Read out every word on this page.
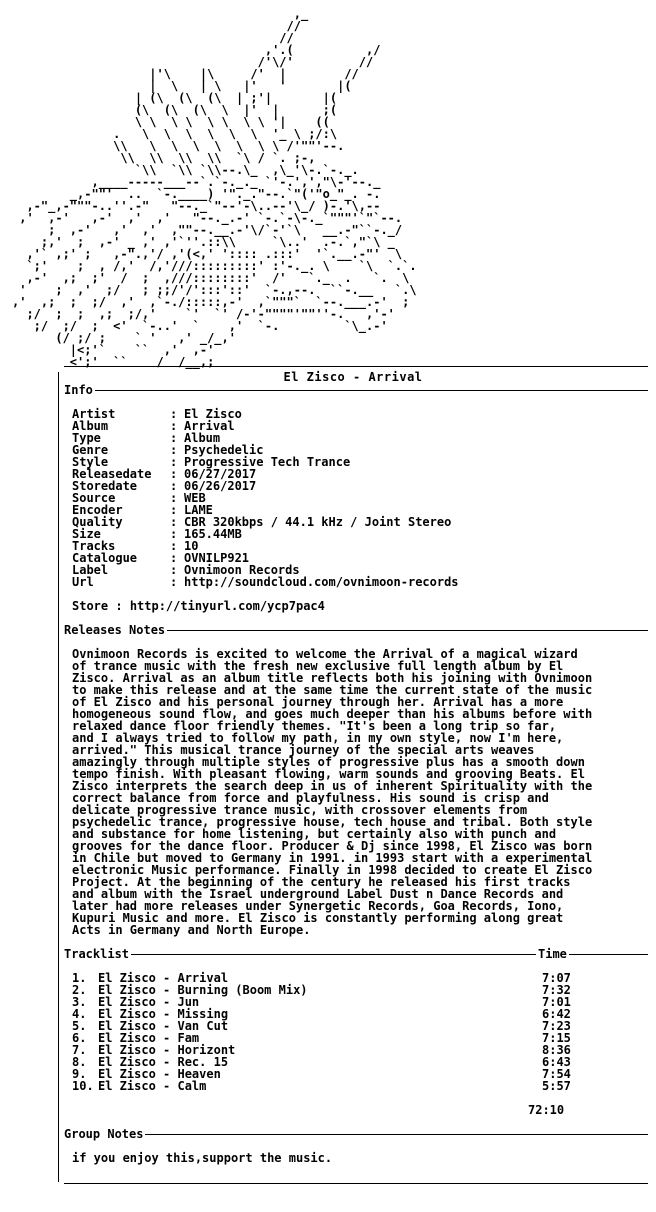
,_
//
//
,'.(          ,/
/'\/'         //
|'\    |\     /'  |        //
|  \   | \   |'   '       |(
| (\  (\  (\  | ;'|       |(
(\  (\  (\  \  |'  |      ;(
\ \  \ \  \ \  \ \ '|    ((
.   \  \  \  \  \  \  '_ \ ;/:\
\\   \  \  \  \  \  \ \ /'""'--.
\\  \\  \\  \\  `\ / `. ;-,
`\\  `\\ `\\--.\_  ,\_'\-.`-._.
,____-----___--`.`-._._ `'-.',',"\-'--._
_,-""'  ..  `-.____) '"._."--.`"('"o_"_. -.
,-"_,-"""-..''.-"   "--._`"--'-\..--'\_/ )-.'\,--
,'  ,-'   ,-'  ,'  ,'   "--._.-' `-.`-\-._`"""'`"`--.
;  ,-'   ,'  ,'  ,""--.__.-'\/`-'`\   __.-"``-._/
;,'  ;  ,-' _ ,' ,'`''.::\\     `\..'  .-.`,"`\ _
,'` ,;' ;   ,-".,'/ ,'(<,' ':::: .:::'  '`.__.-"'  \
`;'    ;  , /,'  /,'///:::::::::' :'-._. \    `\  `.`.
,-'  ,;  ;'  /  ;  ,///::::::::'  /'   `._  .   `.  \
'    ;  ,'  ;/   ; ;;/'/':::'::'  `-.,--.  ``-.__   `.\
,'  ,;  ;  ;/  ,'  ,`-./:::::,-'  ,`"""`  `--.___.-'  ;
;/  ;  ;  ,;  ;/,'    `'  `' /-'-""""'""''-.   ,'-'
;/  ;/  ;  <'  `-..'  `    ,'  `-.         `\_.-'
(/ ;/ ;    ` '   ,' _/_,'
|<;'`    ``  ,'  ,-'
<';'  ``    /  /__,;
El Zisco - Arrival
Info
Artist	: El Zisco
Album	: Arrival
Type	: Album
Genre	: Psychedelic
Style	: Progressive Tech Trance
Releasedate	: 06/27/2017
Storedate	: 06/26/2017
Source	: WEB
Encoder	: LAME
Quality	: CBR 320kbps / 44.1 kHz / Joint Stereo
Size	: 165.44MB
Tracks	: 10
Catalogue	: OVNILP921
Label	: Ovnimoon Records
Url	: http://soundcloud.com/ovnimoon-records
Store : http://tinyurl.com/ycp7pac4
Releases Notes
Ovnimoon Records is excited to welcome the Arrival of a magical wizard
of trance music with the fresh new exclusive full length album by El
Zisco. Arrival as an album title reflects both his joining with Ovnimoon
to make this release and at the same time the current state of the music
of El Zisco and his personal journey through her. Arrival has a more
homogeneous sound flow, and goes much deeper than his albums before with
relaxed dance floor friendly themes. "It's been a long trip so far,
and I always tried to follow my path, in my own style, now I'm here,
arrived." This musical trance journey of the special arts weaves
amazingly through multiple styles of progressive plus has a smooth down
tempo finish. With pleasant flowing, warm sounds and grooving Beats. El
Zisco interprets the search deep in us of inherent Spirituality with the
correct balance from force and playfulness. His sound is crisp and
delicate progressive trance music, with crossover elements from
psychedelic trance, progressive house, tech house and tribal. Both style
and substance for home listening, but certainly also with punch and
grooves for the dance floor. Producer & Dj since 1998, El Zisco was born
in Chile but moved to Germany in 1991. in 1993 start with a experimental
electronic Music performance. Finally in 1998 decided to create El Zisco
Project. At the beginning of the century he released his first tracks
and album with the Israel underground Label Dust n Dance Records and
later had more releases under Synergetic Records, Goa Records, Iono,
Kupuri Music and more. El Zisco is constantly performing along great
Acts in Germany and North Europe.
Tracklist	Time
1. El Zisco - Arrival	7:07
2. El Zisco - Burning (Boom Mix)	7:32
3. El Zisco - Jun	7:01
4. El Zisco - Missing	6:42
5. El Zisco - Van Cut	7:23
6. El Zisco - Fam	7:15
7. El Zisco - Horizont	8:36
8. El Zisco - Rec. 15	6:43
9. El Zisco - Heaven	7:54
10. El Zisco - Calm	5:57
72:10
Group Notes
if you enjoy this,support the music.
